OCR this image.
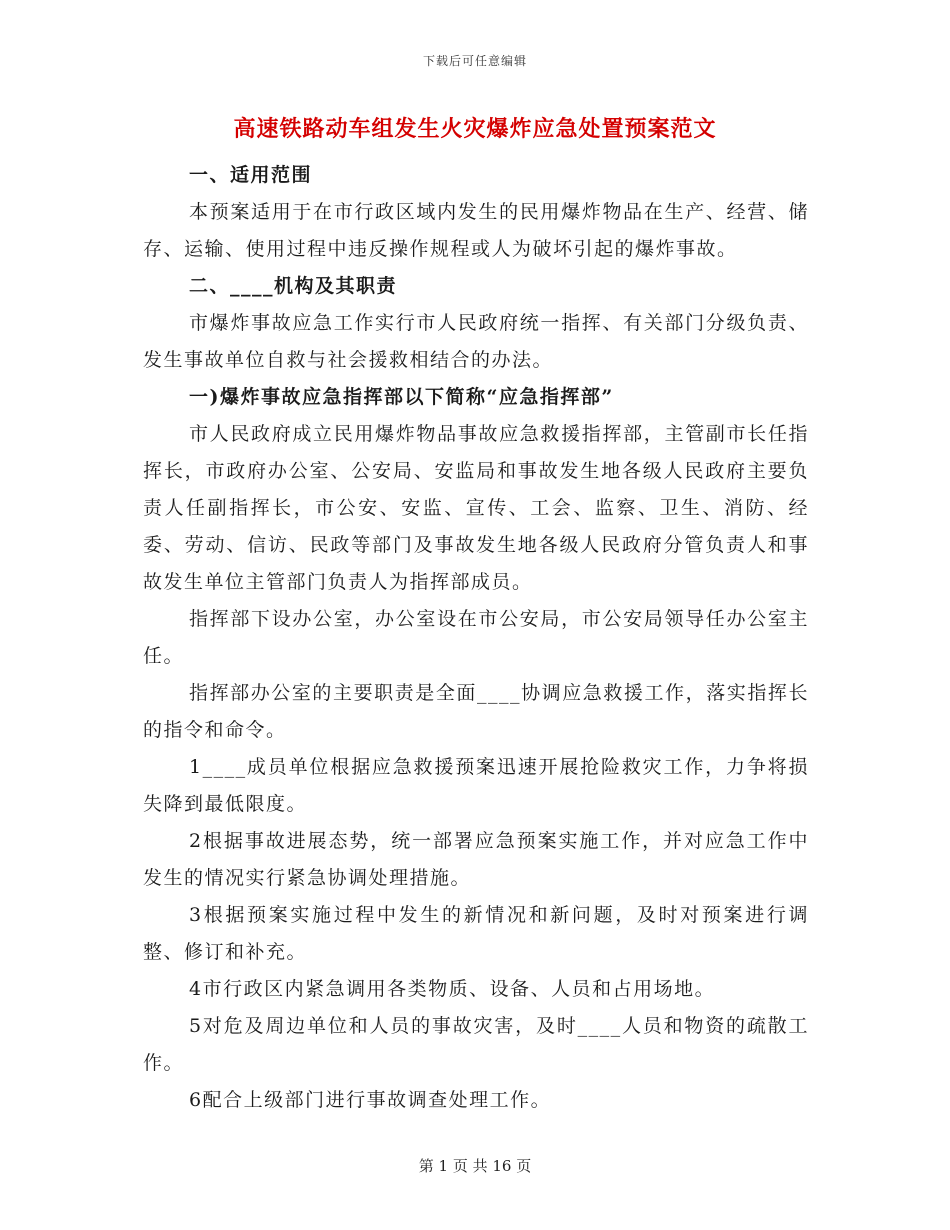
下载后可任意编辑
高速铁路动车组发生火灾爆炸应急处置预案范文

一、适用范围

本预案适用于在市行政区域内发生的民用爆炸物品在生产、经营、储存、运输、使用过程中违反操作规程或人为破坏引起的爆炸事故。

二、____机构及其职责

市爆炸事故应急工作实行市人民政府统一指挥、有关部门分级负责、发生事故单位自救与社会援救相结合的办法。

一)爆炸事故应急指挥部以下简称“应急指挥部”

市人民政府成立民用爆炸物品事故应急救援指挥部，主管副市长任指挥长，市政府办公室、公安局、安监局和事故发生地各级人民政府主要负责人任副指挥长，市公安、安监、宣传、工会、监察、卫生、消防、经委、劳动、信访、民政等部门及事故发生地各级人民政府分管负责人和事故发生单位主管部门负责人为指挥部成员。

指挥部下设办公室，办公室设在市公安局，市公安局领导任办公室主任。

指挥部办公室的主要职责是全面____协调应急救援工作，落实指挥长的指令和命令。

1____成员单位根据应急救援预案迅速开展抢险救灾工作，力争将损失降到最低限度。

2根据事故进展态势，统一部署应急预案实施工作，并对应急工作中发生的情况实行紧急协调处理措施。

3根据预案实施过程中发生的新情况和新问题，及时对预案进行调整、修订和补充。

4市行政区内紧急调用各类物质、设备、人员和占用场地。

5对危及周边单位和人员的事故灾害，及时____人员和物资的疏散工作。

6配合上级部门进行事故调查处理工作。

第 1 页 共 16 页
